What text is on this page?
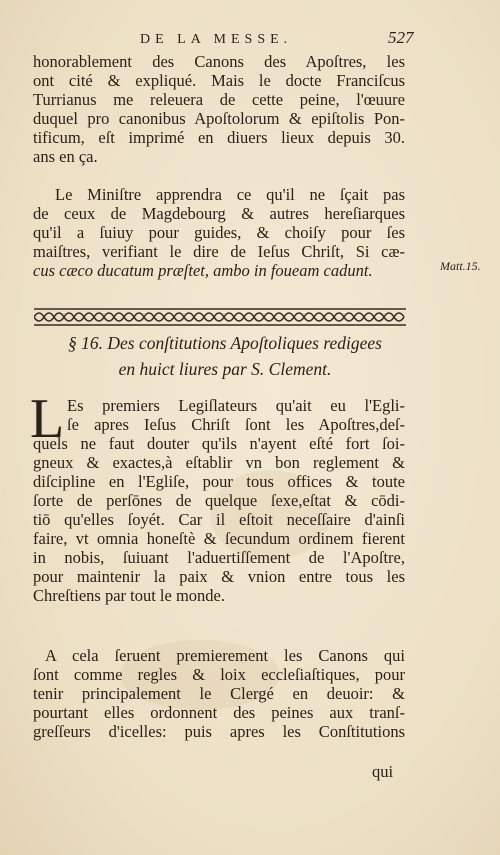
DE LA MESSE.	527
honorablement des Canons des Apoſtres, les
ont cité & expliqué. Mais le docte Franciſcus
Turrianus me releuera de cette peine, l'œuure
duquel pro canonibus Apoſtolorum & epiſtolis Pon-
tificum, eſt imprimé en diuers lieux depuis 30.
ans en ça.
Le Miniſtre apprendra ce qu'il ne ſçait pas
de ceux de Magdebourg & autres hereſiarques
qu'il a ſuiuy pour guides, & choiſy pour ſes
maiſtres, verifiant le dire de Ieſus Chriſt, Si cæ-
cus cæco ducatum præſtet, ambo in foueam cadunt.	Matt.15.
§ 16. Des conſtitutions Apoſtoliques redigees
en huict liures par S. Clement.
L Es premiers Legiſlateurs qu'ait eu l'Egli-
ſe apres Ieſus Chriſt ſont les Apoſtres,deſ-
quels ne faut douter qu'ils n'ayent eſté fort ſoi-
gneux & exactes,à eſtablir vn bon reglement &
diſcipline en l'Egliſe, pour tous offices & toute
ſorte de perſōnes de quelque ſexe,eſtat & cōdi-
tiō qu'elles ſoyét. Car il eſtoit neceſſaire d'ainſi
faire, vt omnia honeſtè & ſecundum ordinem fierent
in nobis, ſuiuant l'aduertiſſement de l'Apoſtre,
pour maintenir la paix & vnion entre tous les
Chreſtiens par tout le monde.
A cela ſeruent premierement les Canons qui
ſont comme regles & loix eccleſiaſtiques, pour
tenir principalement le Clergé en deuoir: &
pourtant elles ordonnent des peines aux tranſ-
greſſeurs d'icelles: puis apres les Conſtitutions
qui
